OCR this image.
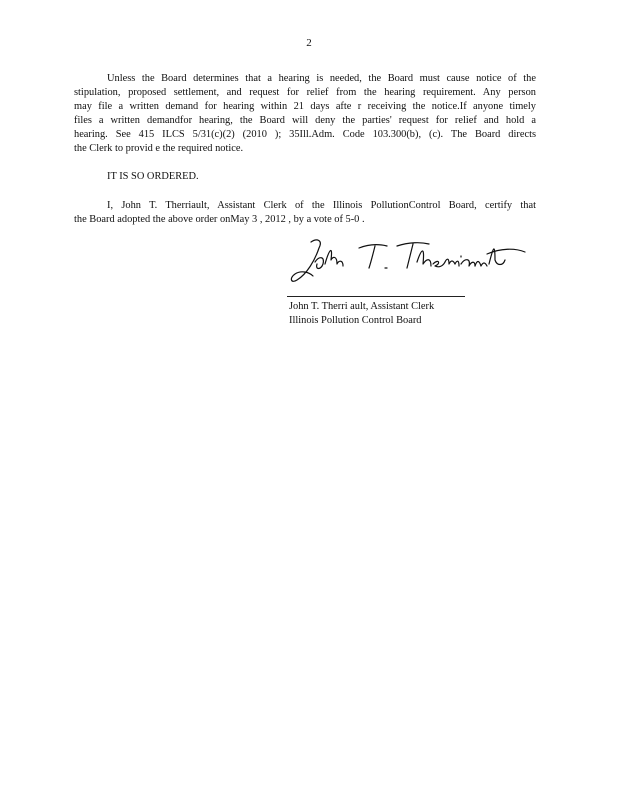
2
Unless the Board determines that a hearing is needed, the Board must cause notice of the
stipulation, proposed settlement, and request for relief from the hearing requirement. Any person
may file a written demand for hearing within 21 days afte r receiving the notice.If anyone timely
files a written demandfor hearing, the Board will deny the parties' request for relief and hold a
hearing. See 415 ILCS 5/31(c)(2) (2010 ); 35Ill.Adm. Code 103.300(b), (c). The Board directs
the Clerk to provid e the required notice.
IT IS SO ORDERED.
I, John T. Therriault, Assistant Clerk of the Illinois PollutionControl Board, certify that
the Board adopted the above order onMay 3 , 2012 , by a vote of 5-0 .
John T. Therri ault, Assistant Clerk
Illinois Pollution Control Board
